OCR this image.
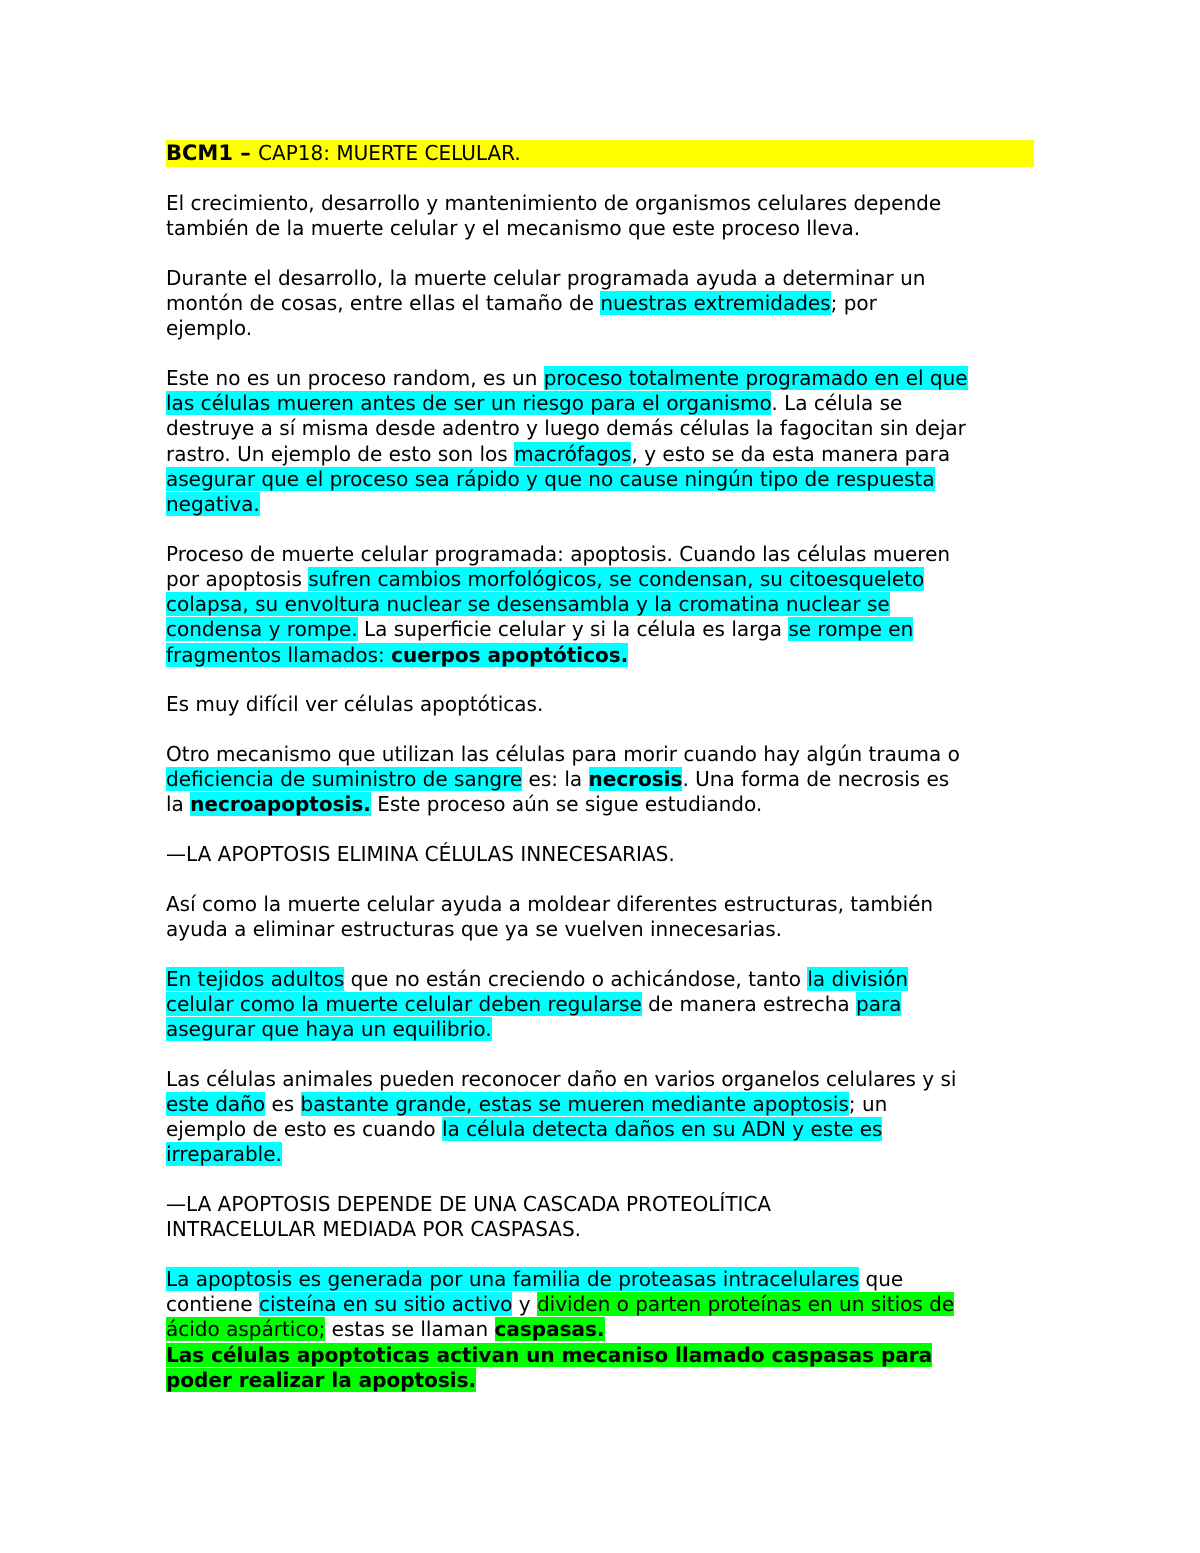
BCM1 – CAP18: MUERTE CELULAR.

El crecimiento, desarrollo y mantenimiento de organismos celulares depende
también de la muerte celular y el mecanismo que este proceso lleva.

Durante el desarrollo, la muerte celular programada ayuda a determinar un
montón de cosas, entre ellas el tamaño de nuestras extremidades; por
ejemplo.

Este no es un proceso random, es un proceso totalmente programado en el que
las células mueren antes de ser un riesgo para el organismo. La célula se
destruye a sí misma desde adentro y luego demás células la fagocitan sin dejar
rastro. Un ejemplo de esto son los macrófagos, y esto se da esta manera para
asegurar que el proceso sea rápido y que no cause ningún tipo de respuesta
negativa.

Proceso de muerte celular programada: apoptosis. Cuando las células mueren
por apoptosis sufren cambios morfológicos, se condensan, su citoesqueleto
colapsa, su envoltura nuclear se desensambla y la cromatina nuclear se
condensa y rompe. La superficie celular y si la célula es larga se rompe en
fragmentos llamados: cuerpos apoptóticos.

Es muy difícil ver células apoptóticas.

Otro mecanismo que utilizan las células para morir cuando hay algún trauma o
deficiencia de suministro de sangre es: la necrosis. Una forma de necrosis es
la necroapoptosis. Este proceso aún se sigue estudiando.

—LA APOPTOSIS ELIMINA CÉLULAS INNECESARIAS.

Así como la muerte celular ayuda a moldear diferentes estructuras, también
ayuda a eliminar estructuras que ya se vuelven innecesarias.

En tejidos adultos que no están creciendo o achicándose, tanto la división
celular como la muerte celular deben regularse de manera estrecha para
asegurar que haya un equilibrio.

Las células animales pueden reconocer daño en varios organelos celulares y si
este daño es bastante grande, estas se mueren mediante apoptosis; un
ejemplo de esto es cuando la célula detecta daños en su ADN y este es
irreparable.

—LA APOPTOSIS DEPENDE DE UNA CASCADA PROTEOLÍTICA
INTRACELULAR MEDIADA POR CASPASAS.

La apoptosis es generada por una familia de proteasas intracelulares que
contiene cisteína en su sitio activo y dividen o parten proteínas en un sitios de
ácido aspártico; estas se llaman caspasas.
Las células apoptoticas activan un mecaniso llamado caspasas para
poder realizar la apoptosis.
